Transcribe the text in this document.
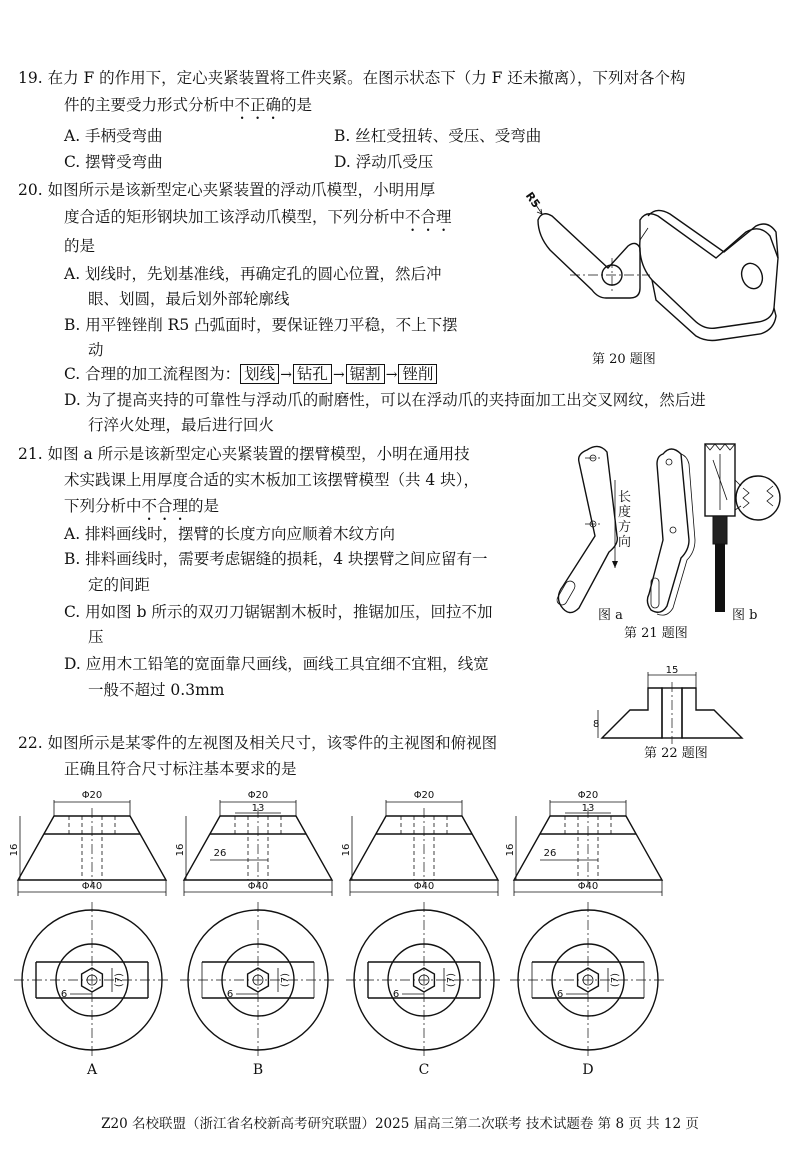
19. 在力 F 的作用下，定心夹紧装置将工件夹紧。在图示状态下（力 F 还未撤离），下列对各个构
件的主要受力形式分析中不正确的是
A. 手柄受弯曲	B. 丝杠受扭转、受压、受弯曲
C. 摆臂受弯曲	D. 浮动爪受压
20. 如图所示是该新型定心夹紧装置的浮动爪模型，小明用厚
度合适的矩形钢块加工该浮动爪模型，下列分析中不合理
的是
A. 划线时，先划基准线，再确定孔的圆心位置，然后冲
眼、划圆，最后划外部轮廓线
B. 用平锉锉削 R5 凸弧面时，要保证锉刀平稳，不上下摆
动
C. 合理的加工流程图为： 划线 → 钻孔 → 锯割 → 锉削
D. 为了提高夹持的可靠性与浮动爪的耐磨性，可以在浮动爪的夹持面加工出交叉网纹，然后进
行淬火处理，最后进行回火
R5
第 20 题图
21. 如图 a 所示是该新型定心夹紧装置的摆臂模型，小明在通用技
术实践课上用厚度合适的实木板加工该摆臂模型（共 4 块），
下列分析中不合理的是
A. 排料画线时，摆臂的长度方向应顺着木纹方向
B. 排料画线时，需要考虑锯缝的损耗，4 块摆臂之间应留有一
定的间距
C. 用如图 b 所示的双刃刀锯锯割木板时，推锯加压，回拉不加
压
D. 应用木工铅笔的宽面靠尺画线，画线工具宜细不宜粗，线宽
一般不超过 0.3mm
长度方向
图 a	图 b
第 21 题图
15
8
第 22 题图
22. 如图所示是某零件的左视图及相关尺寸，该零件的主视图和俯视图
正确且符合尺寸标注基本要求的是
Φ20
16
Φ40
6
(7)
A
Φ20
13
26
16
Φ40
6
(7)
B
Φ20
16
Φ40
6
(7)
C
Φ20
13
26
16
Φ40
6
(7)
D
Z20 名校联盟（浙江省名校新高考研究联盟）2025 届高三第二次联考 技术试题卷 第 8 页 共 12 页
